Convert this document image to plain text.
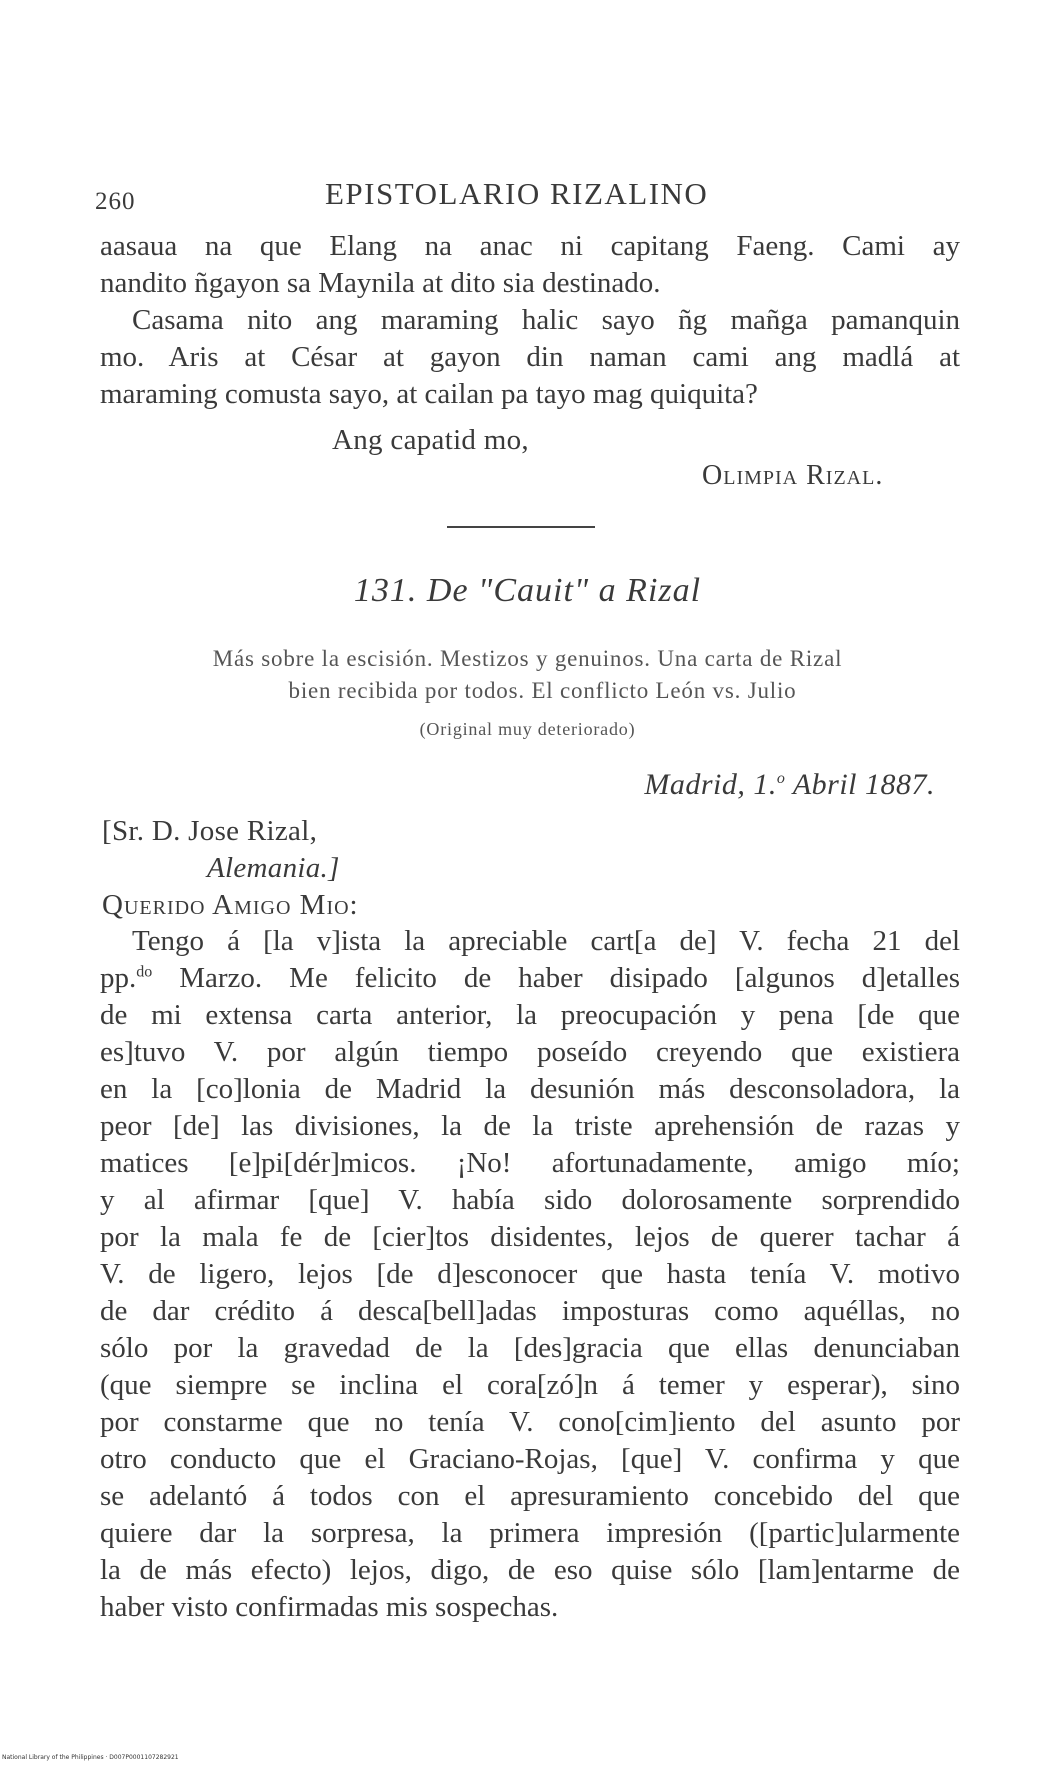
260	EPISTOLARIO RIZALINO
aasaua na que Elang na anac ni capitang Faeng. Cami ay
nandito ñgayon sa Maynila at dito sia destinado.
Casama nito ang maraming halic sayo ñg mañga pamanquin
mo. Aris at César at gayon din naman cami ang madlá at
maraming comusta sayo, at cailan pa tayo mag quiquita?
Ang capatid mo,
Olimpia Rizal.
131. De "Cauit" a Rizal
Más sobre la escisión. Mestizos y genuinos. Una carta de Rizal
bien recibida por todos. El conflicto León vs. Julio
(Original muy deteriorado)
Madrid, 1.$^o$ Abril 1887.
[Sr. D. Jose Rizal,
Alemania.]
Querido Amigo Mio:
Tengo á [la v]ista la apreciable cart[a de] V. fecha 21 del
pp.$^{do}$ Marzo. Me felicito de haber disipado [algunos d]etalles
de mi extensa carta anterior, la preocupación y pena [de que
es]tuvo V. por algún tiempo poseído creyendo que existiera
en la [co]lonia de Madrid la desunión más desconsoladora, la
peor [de] las divisiones, la de la triste aprehensión de razas y
matices [e]pi[dér]micos. ¡No! afortunadamente, amigo mío;
y al afirmar [que] V. había sido dolorosamente sorprendido
por la mala fe de [cier]tos disidentes, lejos de querer tachar á
V. de ligero, lejos [de d]esconocer que hasta tenía V. motivo
de dar crédito á desca[bell]adas imposturas como aquéllas, no
sólo por la gravedad de la [des]gracia que ellas denunciaban
(que siempre se inclina el cora[zó]n á temer y esperar), sino
por constarme que no tenía V. cono[cim]iento del asunto por
otro conducto que el Graciano-Rojas, [que] V. confirma y que
se adelantó á todos con el apresuramiento concebido del que
quiere dar la sorpresa, la primera impresión ([partic]ularmente
la de más efecto) lejos, digo, de eso quise sólo [lam]entarme de
haber visto confirmadas mis sospechas.
National Library of the Philippines · D007P0001107282921
